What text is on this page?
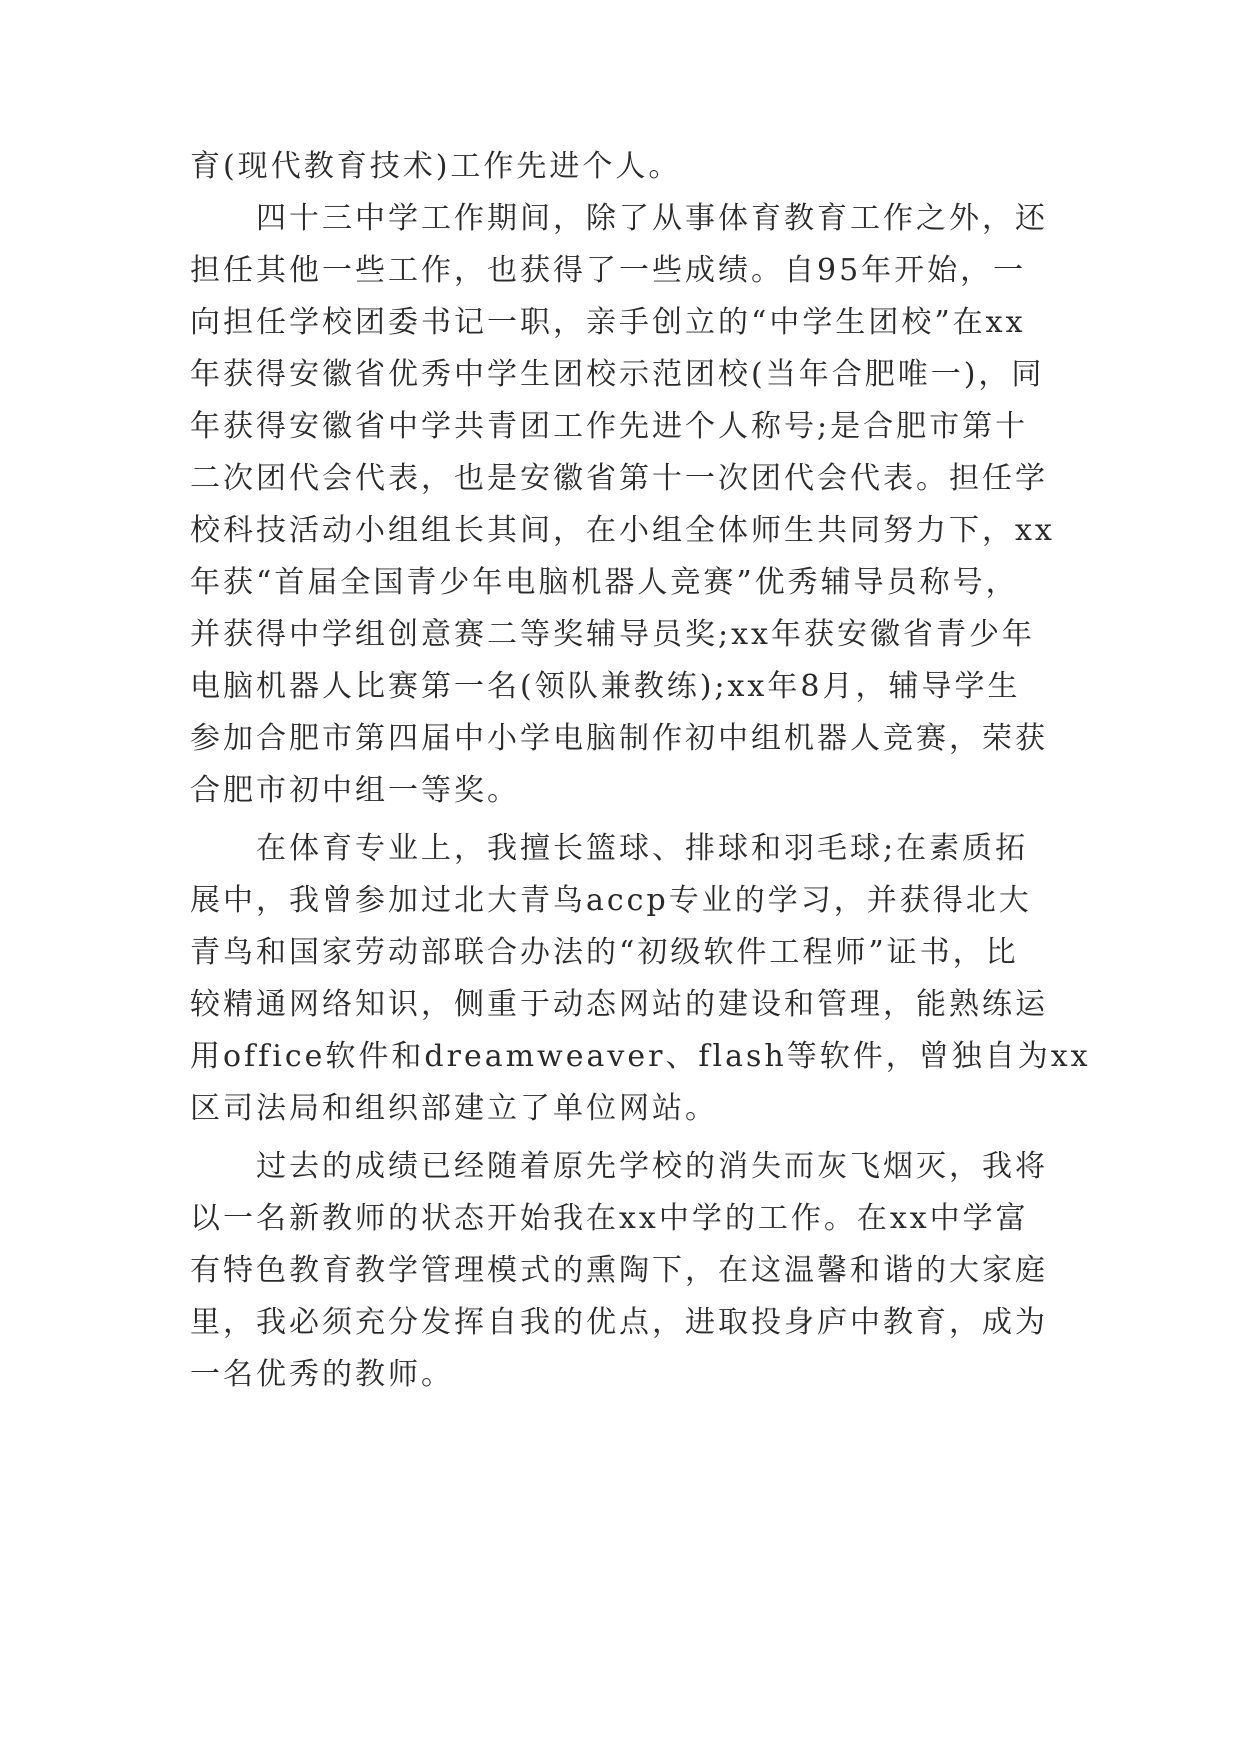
育(现代教育技术)工作先进个人。
四十三中学工作期间，除了从事体育教育工作之外，还
担任其他一些工作，也获得了一些成绩。自95年开始，一
向担任学校团委书记一职，亲手创立的“中学生团校”在xx
年获得安徽省优秀中学生团校示范团校(当年合肥唯一)，同
年获得安徽省中学共青团工作先进个人称号;是合肥市第十
二次团代会代表，也是安徽省第十一次团代会代表。担任学
校科技活动小组组长其间，在小组全体师生共同努力下，xx
年获“首届全国青少年电脑机器人竞赛”优秀辅导员称号，
并获得中学组创意赛二等奖辅导员奖;xx年获安徽省青少年
电脑机器人比赛第一名(领队兼教练);xx年8月，辅导学生
参加合肥市第四届中小学电脑制作初中组机器人竞赛，荣获
合肥市初中组一等奖。
在体育专业上，我擅长篮球、排球和羽毛球;在素质拓
展中，我曾参加过北大青鸟accp专业的学习，并获得北大
青鸟和国家劳动部联合办法的“初级软件工程师”证书，比
较精通网络知识，侧重于动态网站的建设和管理，能熟练运
用office软件和dreamweaver、flash等软件，曾独自为xx
区司法局和组织部建立了单位网站。
过去的成绩已经随着原先学校的消失而灰飞烟灭，我将
以一名新教师的状态开始我在xx中学的工作。在xx中学富
有特色教育教学管理模式的熏陶下，在这温馨和谐的大家庭
里，我必须充分发挥自我的优点，进取投身庐中教育，成为
一名优秀的教师。
